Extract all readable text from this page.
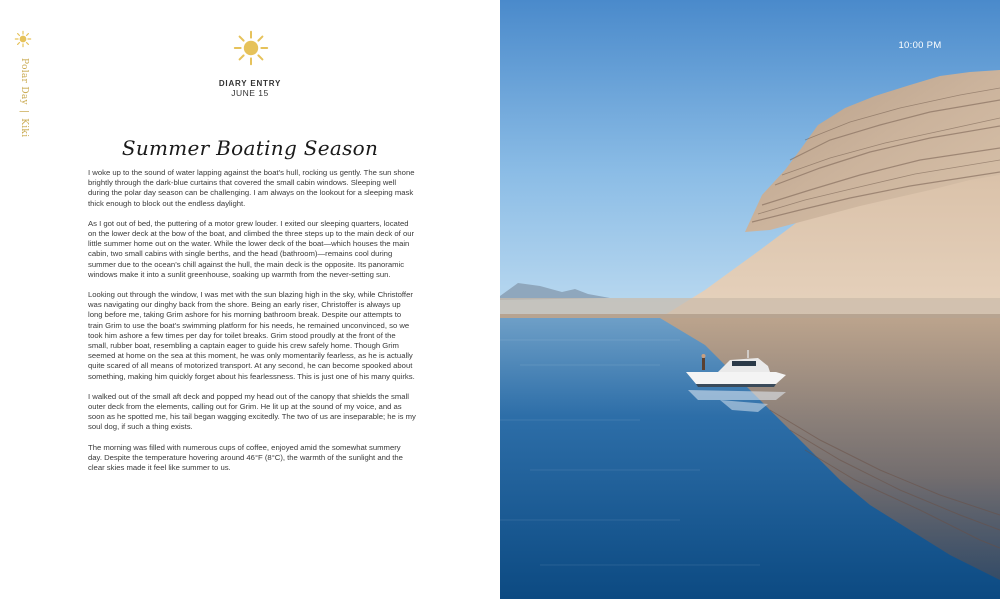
Polar Day|Kiki
DIARY ENTRY
JUNE 15
Summer Boating Season

I woke up to the sound of water lapping against the boat’s hull, rocking us gently. The sun shone brightly through the dark-blue curtains that covered the small cabin windows. Sleeping well during the polar day season can be challenging. I am always on the lookout for a sleeping mask thick enough to block out the endless daylight.

As I got out of bed, the puttering of a motor grew louder. I exited our sleeping quarters, located on the lower deck at the bow of the boat, and climbed the three steps up to the main deck of our little summer home out on the water. While the lower deck of the boat—which houses the main cabin, two small cabins with single berths, and the head (bathroom)—remains cool during summer due to the ocean’s chill against the hull, the main deck is the opposite. Its panoramic windows make it into a sunlit greenhouse, soaking up warmth from the never-setting sun.

Looking out through the window, I was met with the sun blazing high in the sky, while Christoffer was navigating our dinghy back from the shore. Being an early riser, Christoffer is always up long before me, taking Grim ashore for his morning bathroom break. Despite our attempts to train Grim to use the boat’s swimming platform for his needs, he remained unconvinced, so we took him ashore a few times per day for toilet breaks. Grim stood proudly at the front of the small, rubber boat, resembling a captain eager to guide his crew safely home. Though Grim seemed at home on the sea at this moment, he was only momentarily fearless, as he is actually quite scared of all means of motorized transport. At any second, he can become spooked about something, making him quickly forget about his fearlessness. This is just one of his many quirks.

I walked out of the small aft deck and popped my head out of the canopy that shields the small outer deck from the elements, calling out for Grim. He lit up at the sound of my voice, and as soon as he spotted me, his tail began wagging excitedly. The two of us are inseparable; he is my soul dog, if such a thing exists.

The morning was filled with numerous cups of coffee, enjoyed amid the somewhat summery day. Despite the temperature hovering around 46°F (8°C), the warmth of the sunlight and the clear skies made it feel like summer to us.

10:00 PM
